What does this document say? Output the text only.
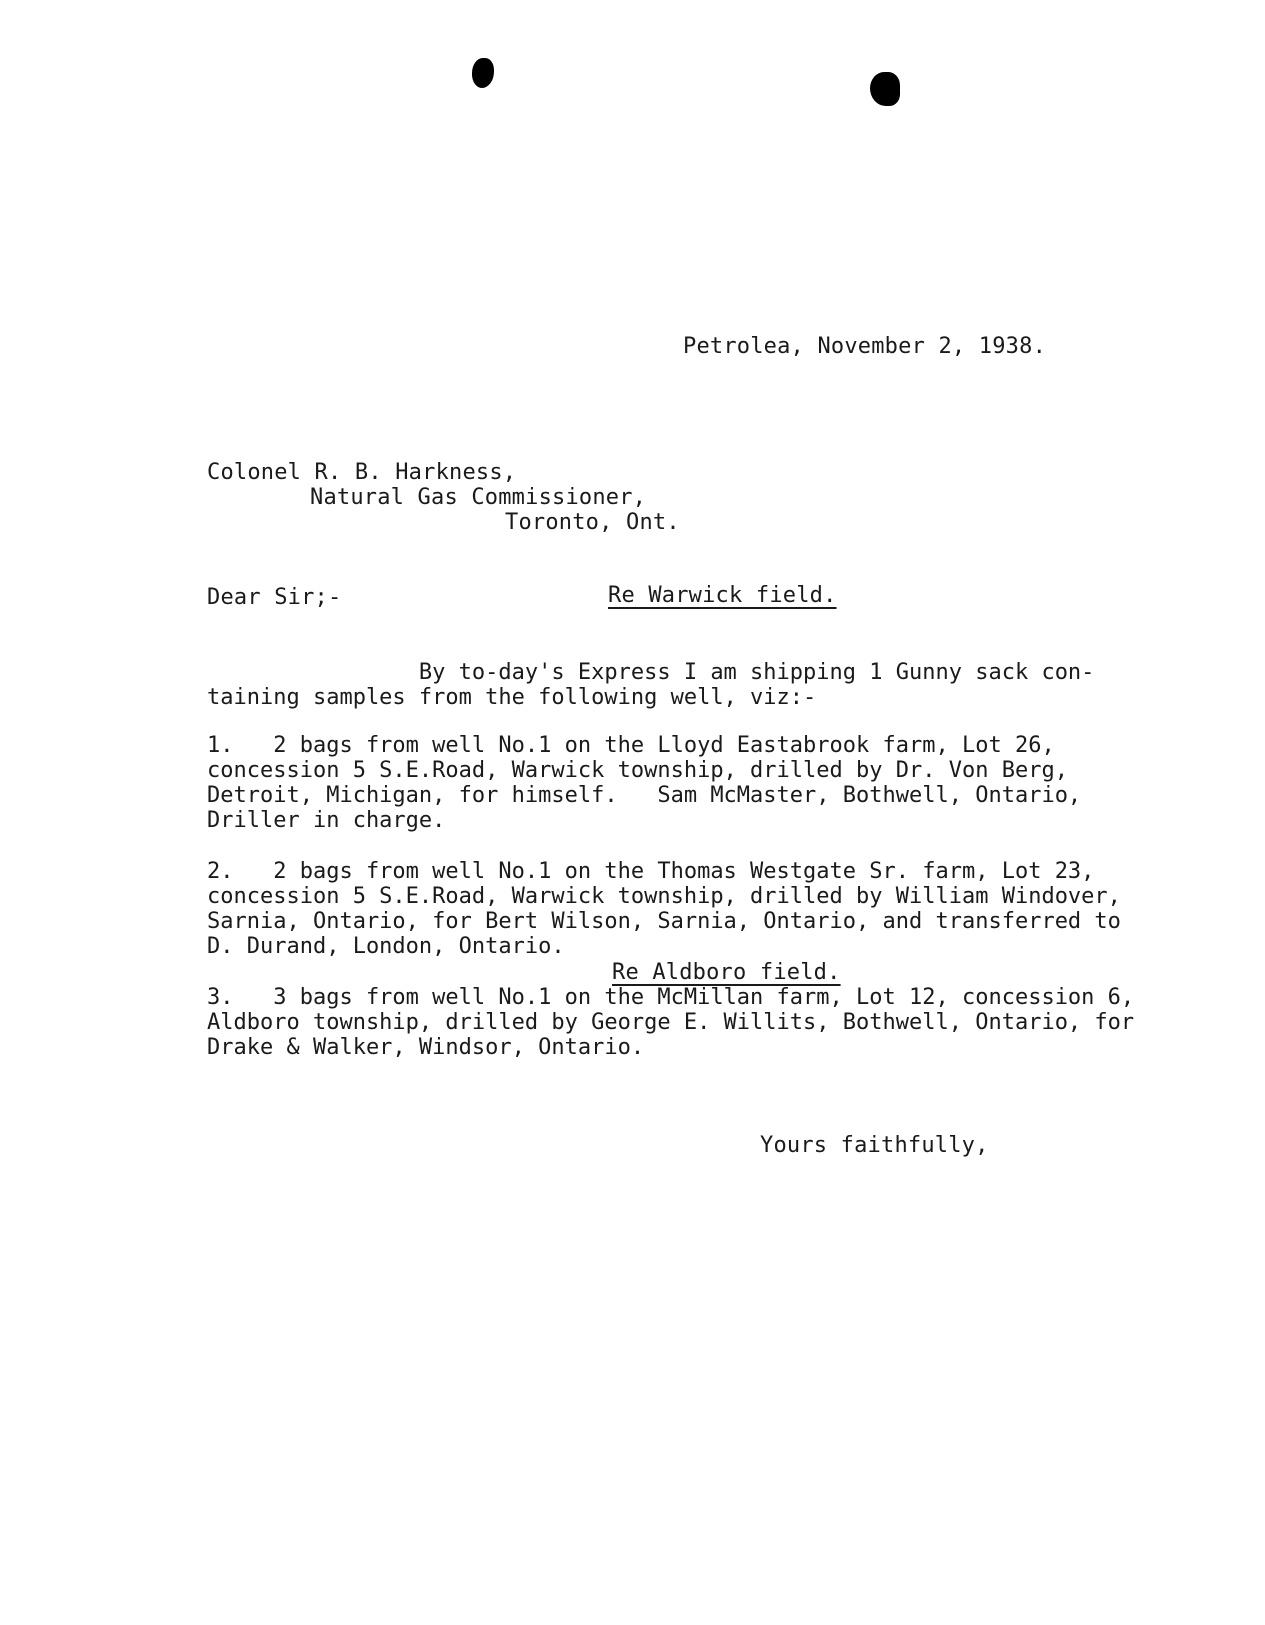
Petrolea, November 2, 1938.
Colonel R. B. Harkness,
Natural Gas Commissioner,
Toronto, Ont.
Dear Sir;-	Re Warwick field.
By to-day's Express I am shipping 1 Gunny sack con-
taining samples from the following well, viz:-
1.   2 bags from well No.1 on the Lloyd Eastabrook farm, Lot 26,
concession 5 S.E.Road, Warwick township, drilled by Dr. Von Berg,
Detroit, Michigan, for himself.   Sam McMaster, Bothwell, Ontario,
Driller in charge.
2.   2 bags from well No.1 on the Thomas Westgate Sr. farm, Lot 23,
concession 5 S.E.Road, Warwick township, drilled by William Windover,
Sarnia, Ontario, for Bert Wilson, Sarnia, Ontario, and transferred to
D. Durand, London, Ontario.
Re Aldboro field.
3.   3 bags from well No.1 on the McMillan farm, Lot 12, concession 6,
Aldboro township, drilled by George E. Willits, Bothwell, Ontario, for
Drake & Walker, Windsor, Ontario.
Yours faithfully,
